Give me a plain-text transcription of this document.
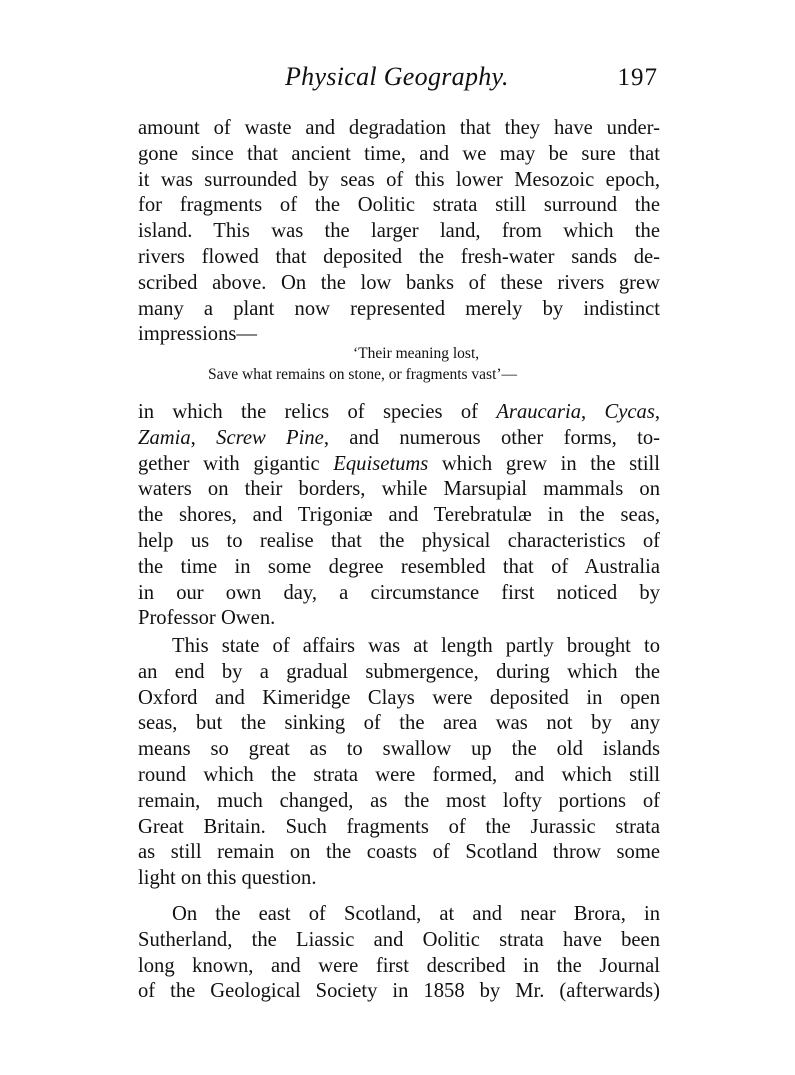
Physical Geography.	197
amount of waste and degradation that they have under-
gone since that ancient time, and we may be sure that
it was surrounded by seas of this lower Mesozoic epoch,
for fragments of the Oolitic strata still surround the
island. This was the larger land, from which the
rivers flowed that deposited the fresh-water sands de-
scribed above. On the low banks of these rivers grew
many a plant now represented merely by indistinct
impressions—
‘Their meaning lost,
Save what remains on stone, or fragments vast’—
in which the relics of species of Araucaria, Cycas,
Zamia, Screw Pine, and numerous other forms, to-
gether with gigantic Equisetums which grew in the still
waters on their borders, while Marsupial mammals on
the shores, and Trigoniæ and Terebratulæ in the seas,
help us to realise that the physical characteristics of
the time in some degree resembled that of Australia
in our own day, a circumstance first noticed by
Professor Owen.
This state of affairs was at length partly brought to
an end by a gradual submergence, during which the
Oxford and Kimeridge Clays were deposited in open
seas, but the sinking of the area was not by any
means so great as to swallow up the old islands
round which the strata were formed, and which still
remain, much changed, as the most lofty portions of
Great Britain. Such fragments of the Jurassic strata
as still remain on the coasts of Scotland throw some
light on this question.
On the east of Scotland, at and near Brora, in
Sutherland, the Liassic and Oolitic strata have been
long known, and were first described in the Journal
of the Geological Society in 1858 by Mr. (afterwards)
